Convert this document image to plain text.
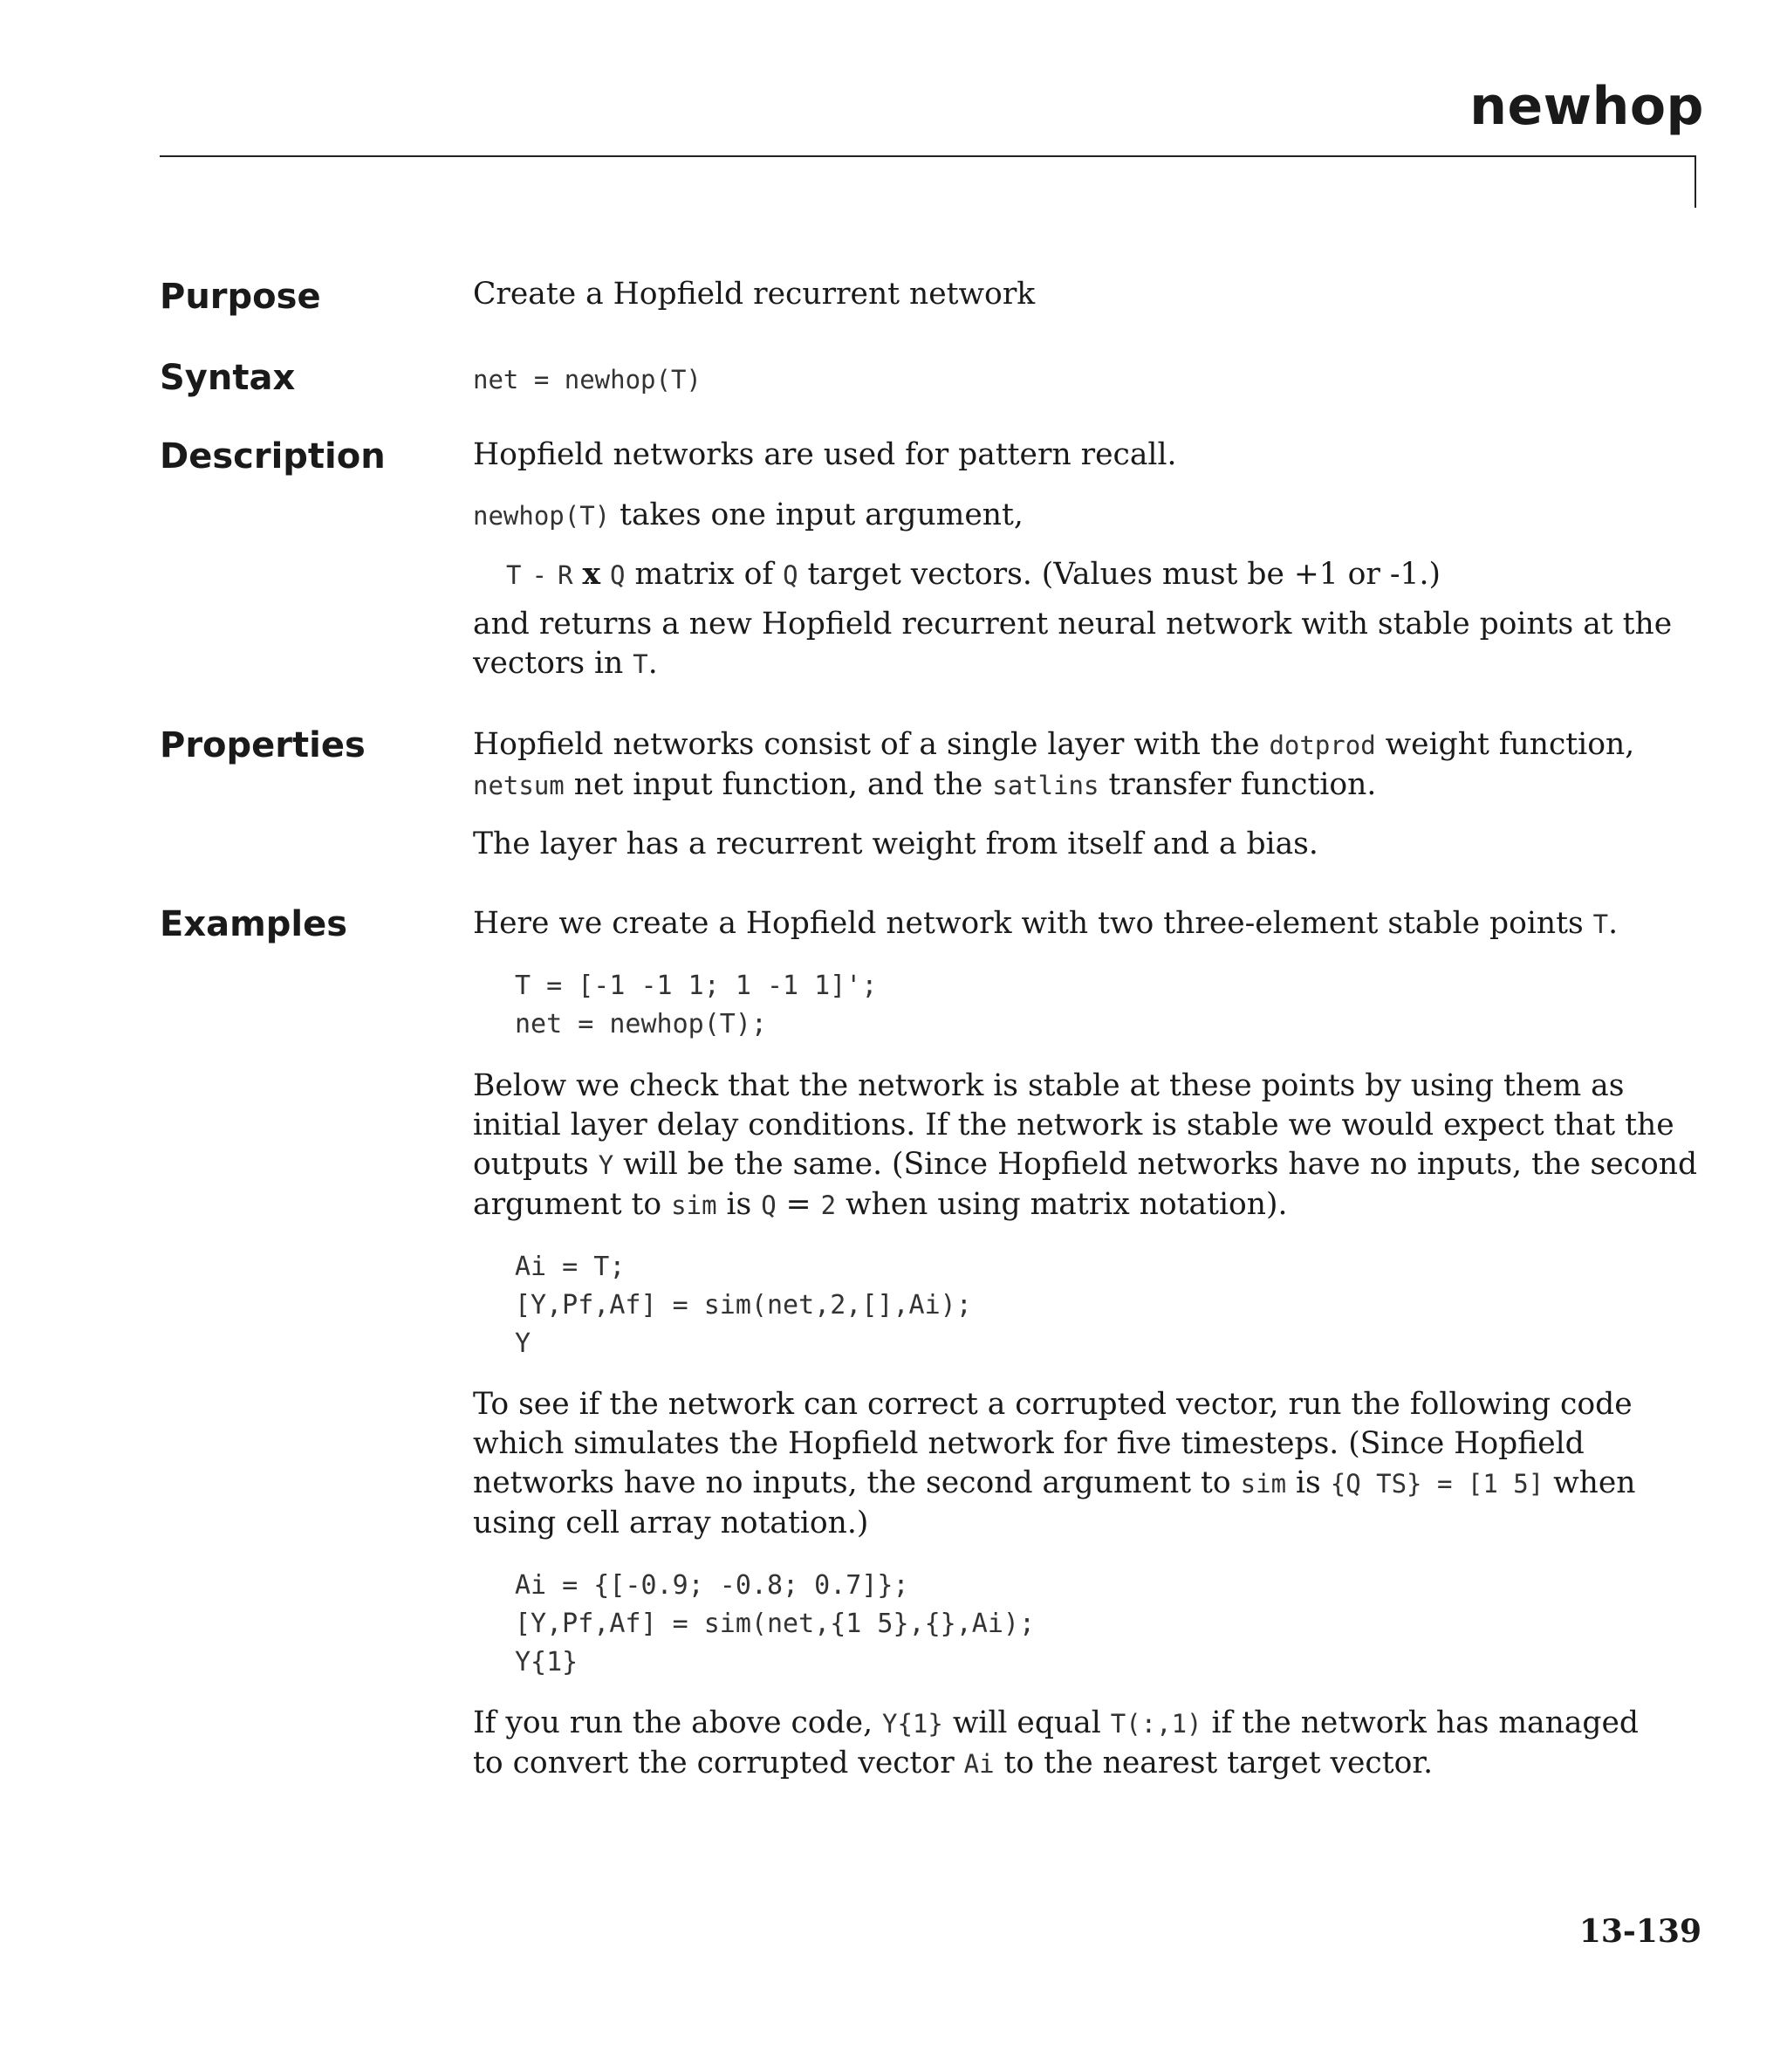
newhop
Purpose	Create a Hopfield recurrent network

Syntax	net = newhop(T)

Description	Hopfield networks are used for pattern recall.

newhop(T) takes one input argument,

T - R x Q matrix of Q target vectors. (Values must be +1 or -1.)

and returns a new Hopfield recurrent neural network with stable points at the
vectors in T.

Properties	Hopfield networks consist of a single layer with the dotprod weight function,
netsum net input function, and the satlins transfer function.

The layer has a recurrent weight from itself and a bias.

Examples	Here we create a Hopfield network with two three-element stable points T.

T = [-1 -1 1; 1 -1 1]';
net = newhop(T);

Below we check that the network is stable at these points by using them as
initial layer delay conditions. If the network is stable we would expect that the
outputs Y will be the same. (Since Hopfield networks have no inputs, the second
argument to sim is Q = 2 when using matrix notation).

Ai = T;
[Y,Pf,Af] = sim(net,2,[],Ai);
Y

To see if the network can correct a corrupted vector, run the following code
which simulates the Hopfield network for five timesteps. (Since Hopfield
networks have no inputs, the second argument to sim is {Q TS} = [1 5] when
using cell array notation.)

Ai = {[-0.9; -0.8; 0.7]};
[Y,Pf,Af] = sim(net,{1 5},{},Ai);
Y{1}

If you run the above code, Y{1} will equal T(:,1) if the network has managed
to convert the corrupted vector Ai to the nearest target vector.

13-139
